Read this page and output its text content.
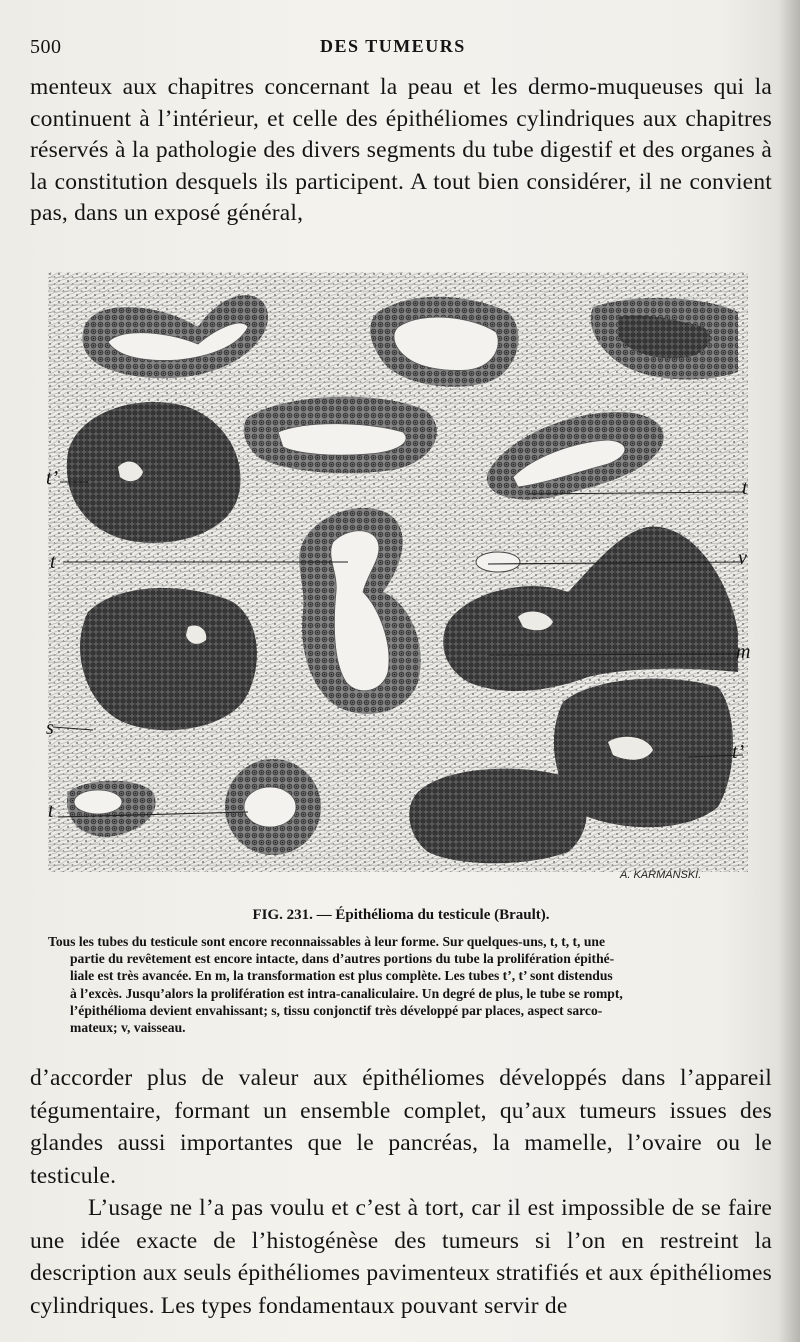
500	DES TUMEURS

menteux aux chapitres concernant la peau et les dermo-muqueuses qui la continuent à l’intérieur, et celle des épithéliomes cylindriques aux chapitres réservés à la pathologie des divers segments du tube digestif et des organes à la constitution desquels ils participent. A tout bien considérer, il ne convient pas, dans un exposé général,

t’
t
s
t
t
v
m
t’
A. KARMANSKI.
FIG. 231. — Épithélioma du testicule (Brault).
Tous les tubes du testicule sont encore reconnaissables à leur forme. Sur quelques-uns, t, t, t, une
partie du revêtement est encore intacte, dans d’autres portions du tube la prolifération épithé-
liale est très avancée. En m, la transformation est plus complète. Les tubes t’, t’ sont distendus
à l’excès. Jusqu’alors la prolifération est intra-canaliculaire. Un degré de plus, le tube se rompt,
l’épithélioma devient envahissant; s, tissu conjonctif très développé par places, aspect sarco-
mateux; v, vaisseau.

d’accorder plus de valeur aux épithéliomes développés dans l’appareil tégumentaire, formant un ensemble complet, qu’aux tumeurs issues des glandes aussi importantes que le pancréas, la mamelle, l’ovaire ou le testicule.

L’usage ne l’a pas voulu et c’est à tort, car il est impossible de se faire une idée exacte de l’histogénèse des tumeurs si l’on en restreint la description aux seuls épithéliomes pavimenteux stratifiés et aux épithéliomes cylindriques. Les types fondamentaux pouvant servir de
